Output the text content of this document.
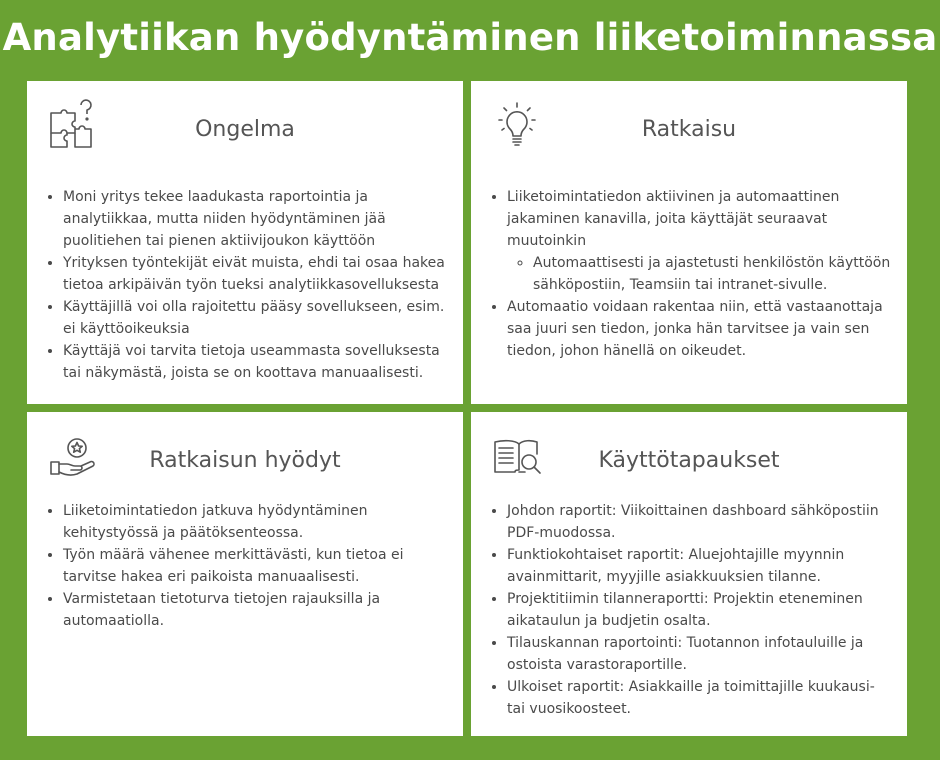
Analytiikan hyödyntäminen liiketoiminnassa
Ongelma
• Moni yritys tekee laadukasta raportointia ja analytiikkaa, mutta niiden hyödyntäminen jää puolitiehen tai pienen aktiivijoukon käyttöön
• Yrityksen työntekijät eivät muista, ehdi tai osaa hakea tietoa arkipäivän työn tueksi analytiikkasovelluksesta
• Käyttäjillä voi olla rajoitettu pääsy sovellukseen, esim. ei käyttöoikeuksia
• Käyttäjä voi tarvita tietoja useammasta sovelluksesta tai näkymästä, joista se on koottava manuaalisesti.
Ratkaisu
• Liiketoimintatiedon aktiivinen ja automaattinen jakaminen kanavilla, joita käyttäjät seuraavat muutoinkin
◦ Automaattisesti ja ajastetusti henkilöstön käyttöön sähköpostiin, Teamsiin tai intranet-sivulle.
• Automaatio voidaan rakentaa niin, että vastaanottaja saa juuri sen tiedon, jonka hän tarvitsee ja vain sen tiedon, johon hänellä on oikeudet.
Ratkaisun hyödyt
• Liiketoimintatiedon jatkuva hyödyntäminen kehitystyössä ja päätöksenteossa.
• Työn määrä vähenee merkittävästi, kun tietoa ei tarvitse hakea eri paikoista manuaalisesti.
• Varmistetaan tietoturva tietojen rajauksilla ja automaatiolla.
Käyttötapaukset
• Johdon raportit: Viikoittainen dashboard sähköpostiin PDF-muodossa.
• Funktiokohtaiset raportit: Aluejohtajille myynnin avainmittarit, myyjille asiakkuuksien tilanne.
• Projektitiimin tilanneraportti: Projektin eteneminen aikataulun ja budjetin osalta.
• Tilauskannan raportointi: Tuotannon infotauluille ja ostoista varastoraportille.
• Ulkoiset raportit: Asiakkaille ja toimittajille kuukausi- tai vuosikoosteet.
